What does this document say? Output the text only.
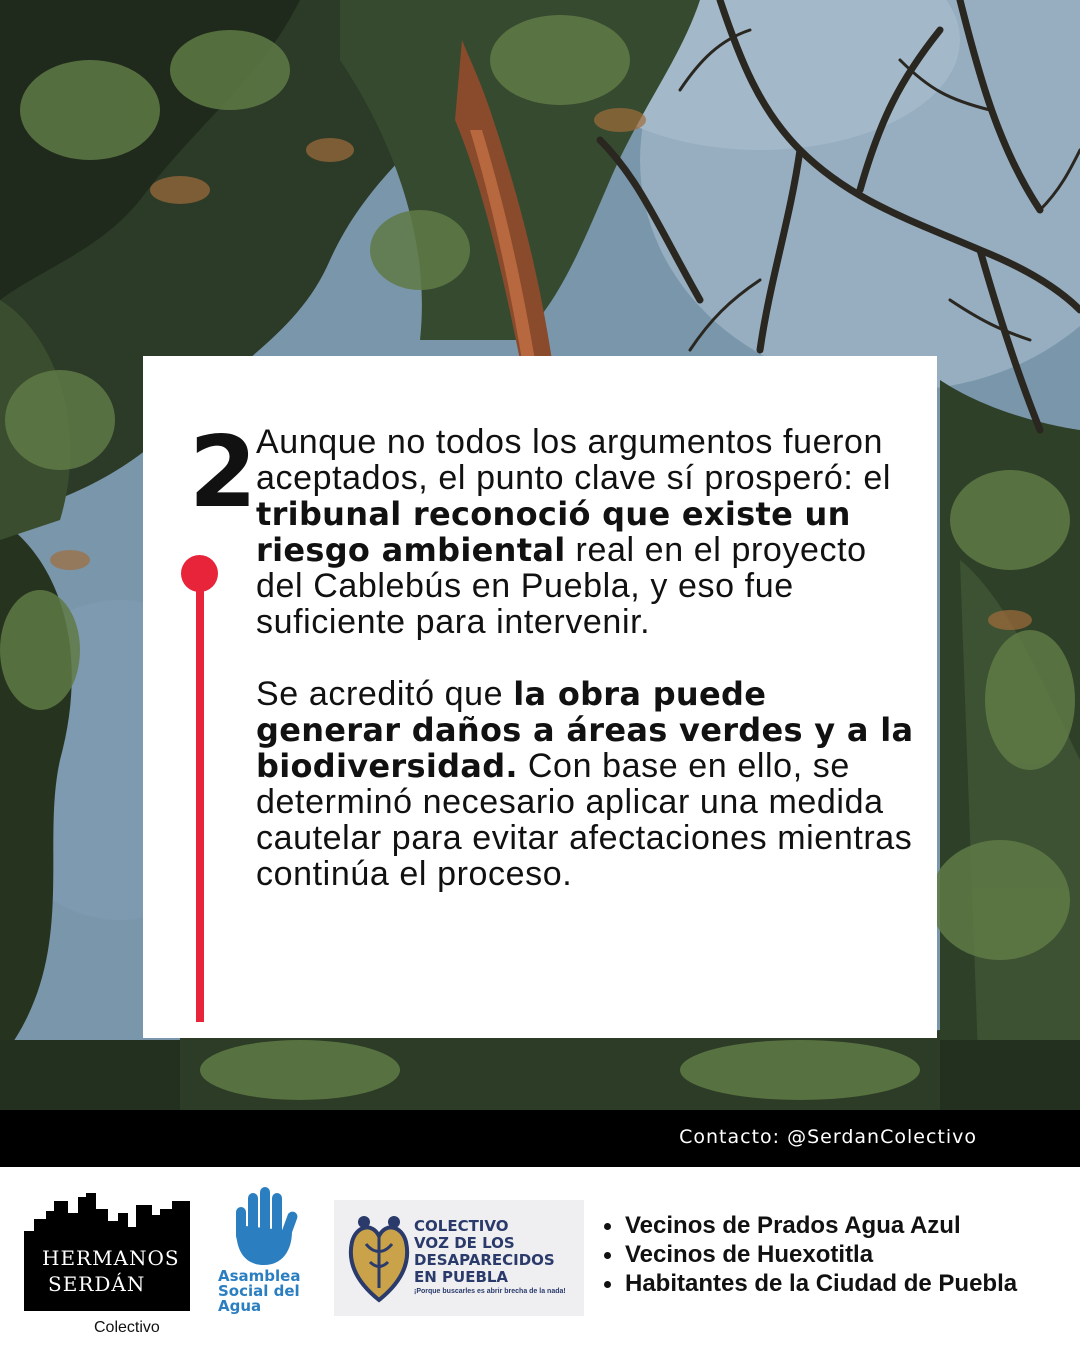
2

Aunque no todos los argumentos fueron aceptados, el punto clave sí prosperó: el tribunal reconoció que existe un riesgo ambiental real en el proyecto del Cablebús en Puebla, y eso fue suficiente para intervenir.

Se acreditó que la obra puede generar daños a áreas verdes y a la biodiversidad. Con base en ello, se determinó necesario aplicar una medida cautelar para evitar afectaciones mientras continúa el proceso.

Contacto: @SerdanColectivo
HERMANOS
SERDÁN
Colectivo
Asamblea
Social del
Agua
COLECTIVO
VOZ DE LOS
DESAPARECIDOS
EN PUEBLA
¡Porque buscarles es abrir brecha de la nada!
Vecinos de Prados Agua Azul
Vecinos de Huexotitla
Habitantes de la Ciudad de Puebla
